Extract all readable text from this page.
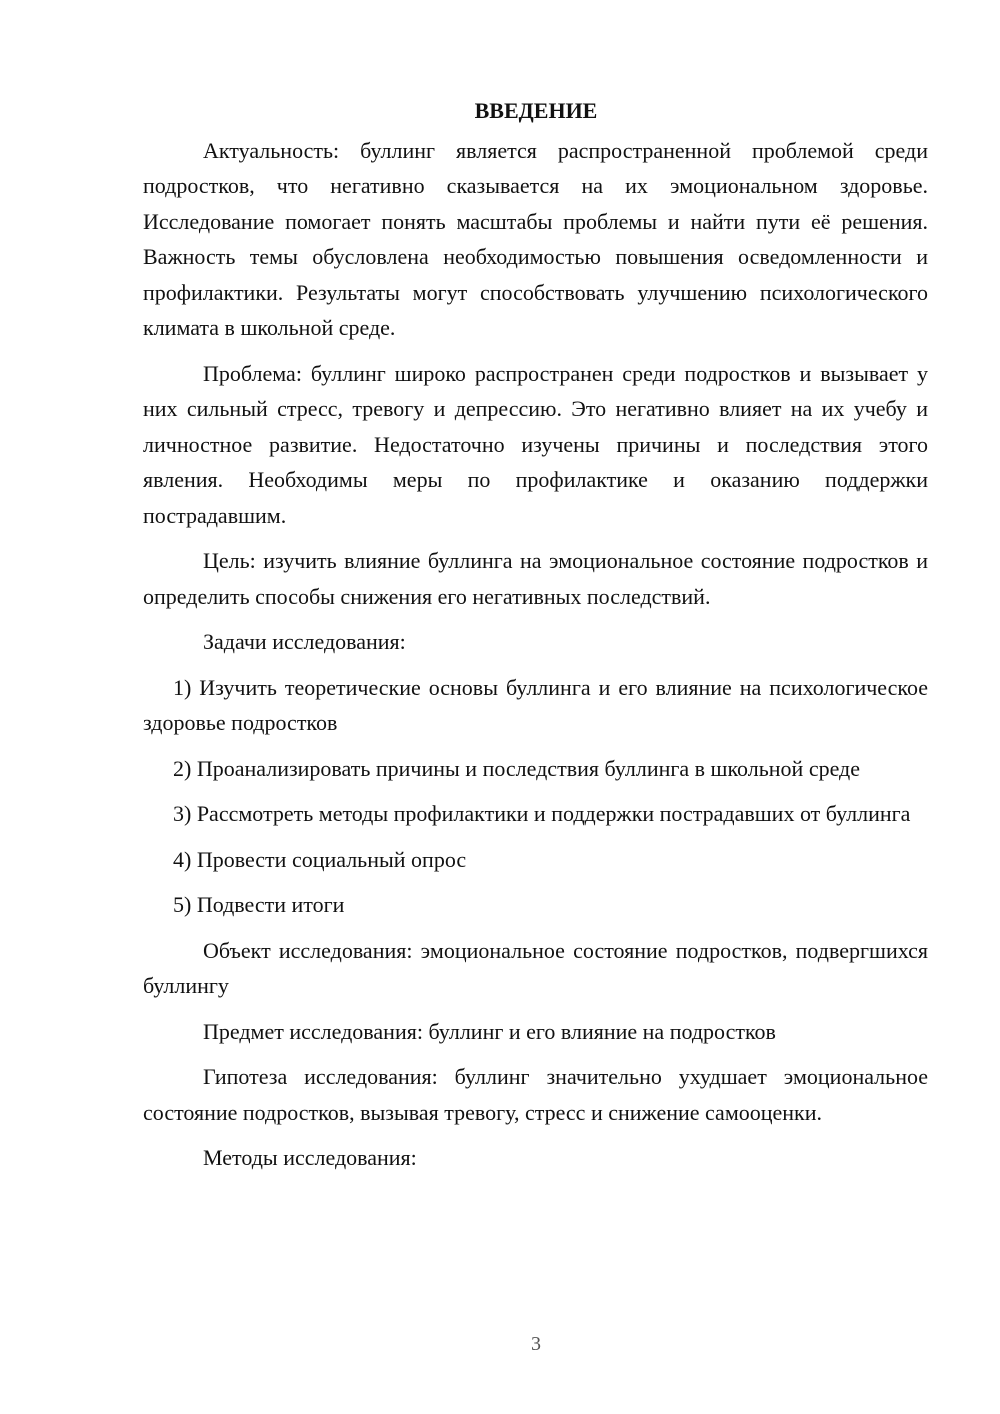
ВВЕДЕНИЕ

Актуальность: буллинг является распространенной проблемой среди подростков, что негативно сказывается на их эмоциональном здоровье. Исследование помогает понять масштабы проблемы и найти пути её решения. Важность темы обусловлена необходимостью повышения осведомленности и профилактики. Результаты могут способствовать улучшению психологического климата в школьной среде.

Проблема: буллинг широко распространен среди подростков и вызывает у них сильный стресс, тревогу и депрессию. Это негативно влияет на их учебу и личностное развитие. Недостаточно изучены причины и последствия этого явления. Необходимы меры по профилактике и оказанию поддержки пострадавшим.

Цель: изучить влияние буллинга на эмоциональное состояние подростков и определить способы снижения его негативных последствий.

Задачи исследования:

1) Изучить теоретические основы буллинга и его влияние на психологическое здоровье подростков

2) Проанализировать причины и последствия буллинга в школьной среде

3) Рассмотреть методы профилактики и поддержки пострадавших от буллинга

4) Провести социальный опрос

5) Подвести итоги

Объект исследования: эмоциональное состояние подростков, подвергшихся буллингу

Предмет исследования: буллинг и его влияние на подростков

Гипотеза исследования: буллинг значительно ухудшает эмоциональное состояние подростков, вызывая тревогу, стресс и снижение самооценки.

Методы исследования:

3
